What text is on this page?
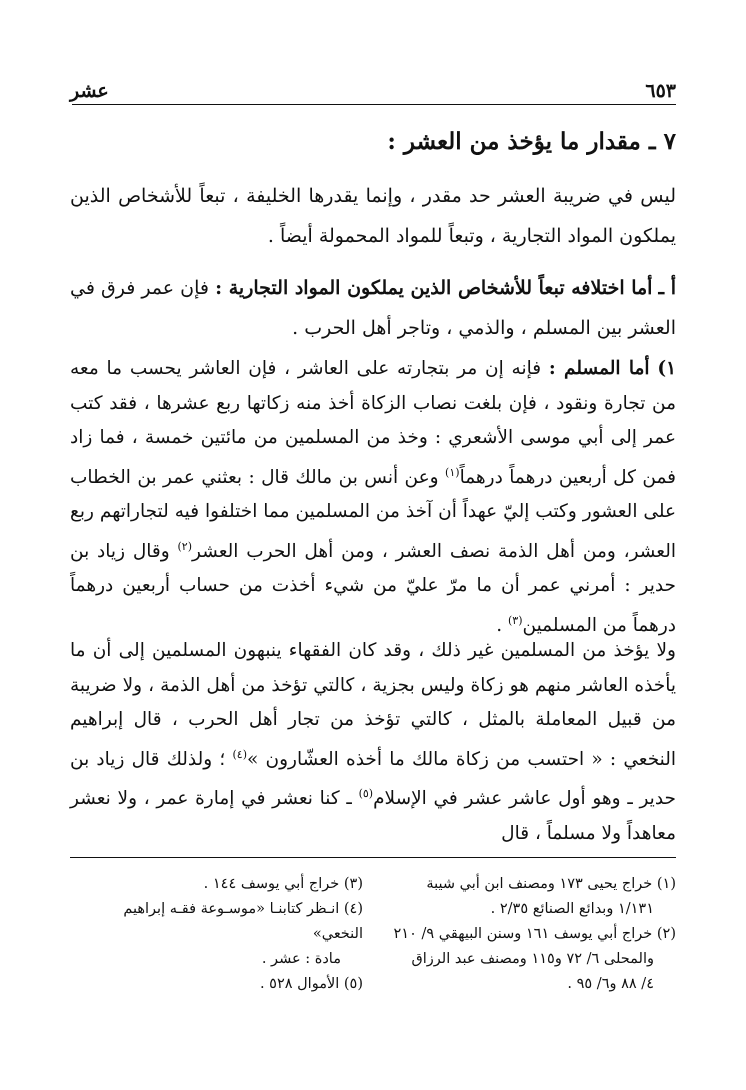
عشر	٦٥٣
٧ ـ مقدار ما يؤخذ من العشر :
ليس في ضريبة العشر حد مقدر ، وإنما يقدرها الخليفة ، تبعاً للأشخاص الذين يملكون المواد التجارية ، وتبعاً للمواد المحمولة أيضاً .
أ ـ أما اختلافه تبعاً للأشخاص الذين يملكون المواد التجارية : فإن عمر فرق في العشر بين المسلم ، والذمي ، وتاجر أهل الحرب .
١) أما المسلم : فإنه إن مر بتجارته على العاشر ، فإن العاشر يحسب ما معه من تجارة ونقود ، فإن بلغت نصاب الزكاة أخذ منه زكاتها ربع عشرها ، فقد كتب عمر إلى أبي موسى الأشعري : وخذ من المسلمين من مائتين خمسة ، فما زاد فمن كل أربعين درهماً درهماً$^{(١)}$ وعن أنس بن مالك قال : بعثني عمر بن الخطاب على العشور وكتب إليّ عهداً أن آخذ من المسلمين مما اختلفوا فيه لتجاراتهم ربع العشر، ومن أهل الذمة نصف العشر ، ومن أهل الحرب العشر$^{(٢)}$ وقال زياد بن حدير : أمرني عمر أن ما مرّ عليّ من شيء أخذت من حساب أربعين درهماً درهماً من المسلمين$^{(٣)}$ .
ولا يؤخذ من المسلمين غير ذلك ، وقد كان الفقهاء ينبهون المسلمين إلى أن ما يأخذه العاشر منهم هو زكاة وليس بجزية ، كالتي تؤخذ من أهل الذمة ، ولا ضريبة من قبيل المعاملة بالمثل ، كالتي تؤخذ من تجار أهل الحرب ، قال إبراهيم النخعي : « احتسب من زكاة مالك ما أخذه العشّارون »$^{(٤)}$ ؛ ولذلك قال زياد بن حدير ـ وهو أول عاشر عشر في الإسلام$^{(٥)}$ ـ كنا نعشر في إمارة عمر ، ولا نعشر معاهداً ولا مسلماً ، قال
(١) خراج يحيى ١٧٣ ومصنف ابن أبي شيبة
١/١٣١ وبدائع الصنائع ٢/٣٥ .
(٢) خراج أبي يوسف ١٦١ وسنن البيهقي ٩/ ٢١٠
والمحلى ٦/ ٧٢ و١١٥ ومصنف عبد الرزاق
٤/ ٨٨ و٦/ ٩٥ .
(٣) خراج أبي يوسف ١٤٤ .
(٤) انـظر كتابنـا «موسـوعة فقـه إبراهيم النخعي»
مادة : عشر .
(٥) الأموال ٥٢٨ .
